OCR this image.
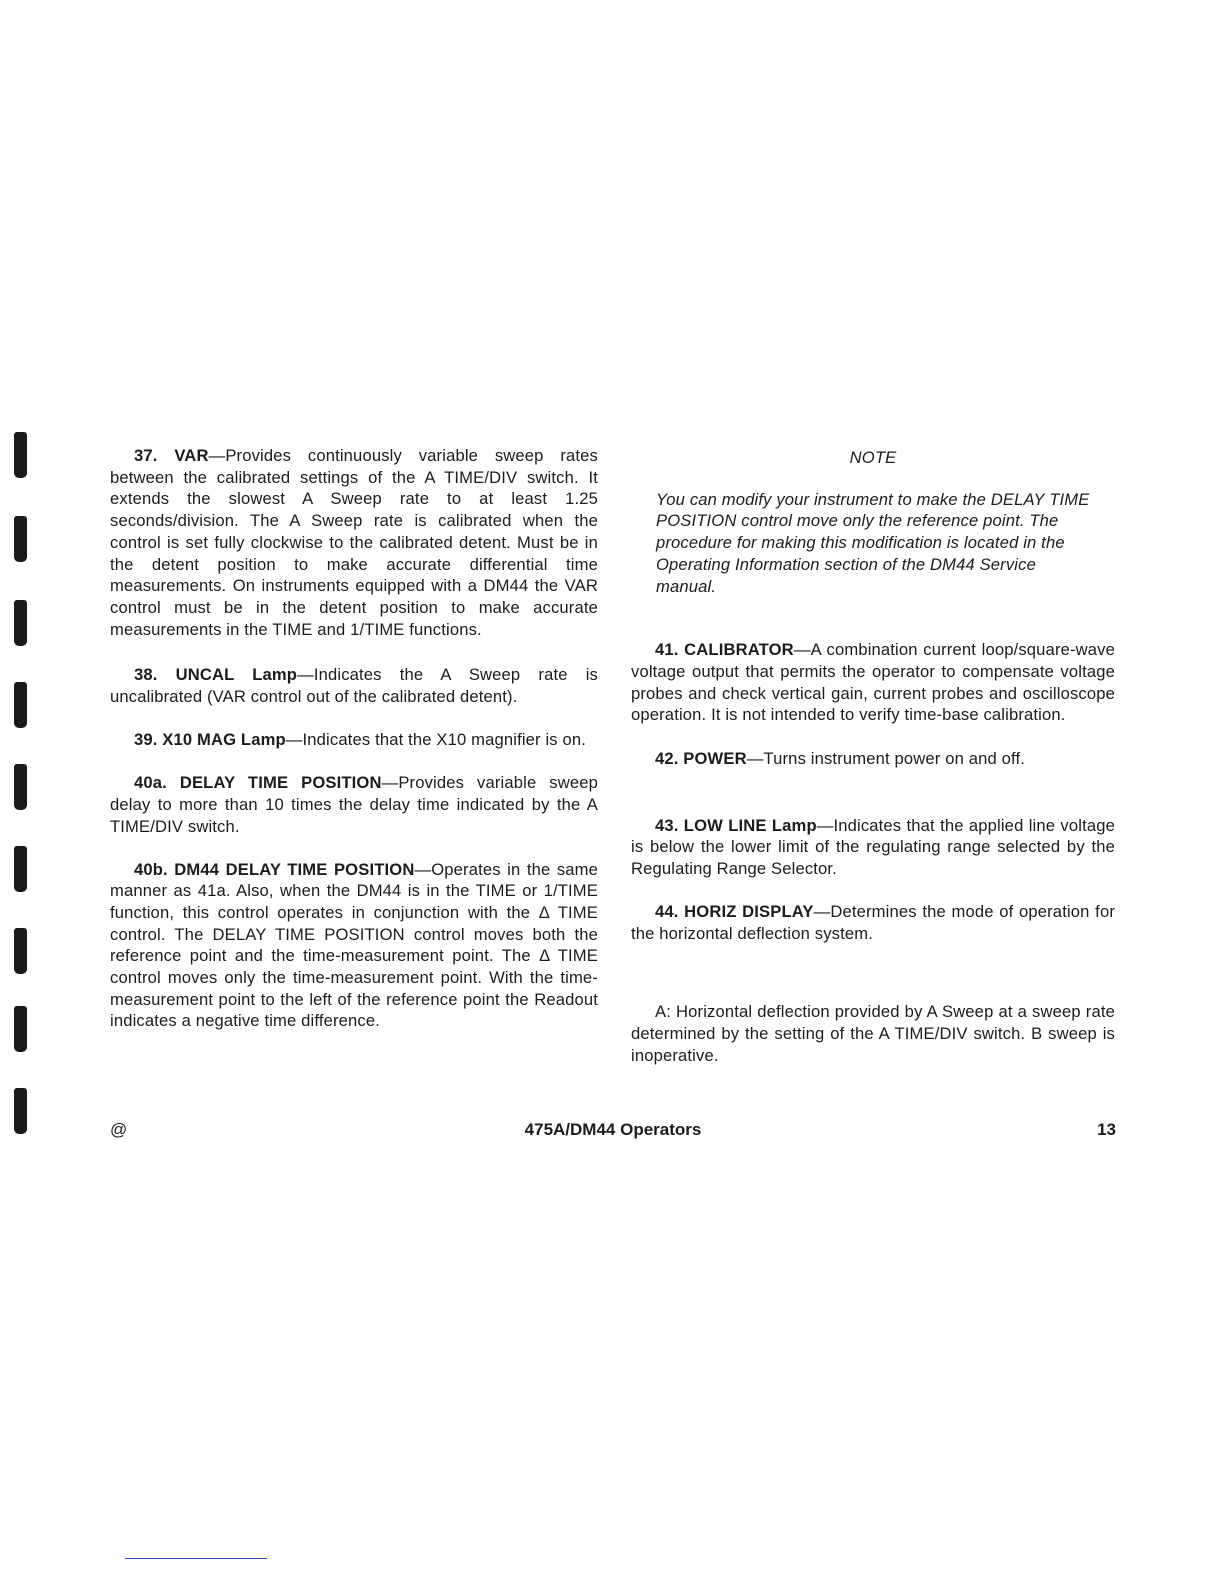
37. VAR—Provides continuously variable sweep rates between the calibrated settings of the A TIME/DIV switch. It extends the slowest A Sweep rate to at least 1.25 seconds/division. The A Sweep rate is calibrated when the control is set fully clockwise to the calibrated detent. Must be in the detent position to make accurate differential time measurements. On instruments equipped with a DM44 the VAR control must be in the detent position to make accurate measurements in the TIME and 1/TIME functions.

38. UNCAL Lamp—Indicates the A Sweep rate is uncalibrated (VAR control out of the calibrated detent).

39. X10 MAG Lamp—Indicates that the X10 magnifier is on.

40a. DELAY TIME POSITION—Provides variable sweep delay to more than 10 times the delay time indicated by the A TIME/DIV switch.

40b. DM44 DELAY TIME POSITION—Operates in the same manner as 41a. Also, when the DM44 is in the TIME or 1/TIME function, this control operates in conjunction with the Δ TIME control. The DELAY TIME POSITION control moves both the reference point and the time-measurement point. The Δ TIME control moves only the time-measurement point. With the time-measurement point to the left of the reference point the Readout indicates a negative time difference.

NOTE

You can modify your instrument to make the DELAY TIME POSITION control move only the reference point. The procedure for making this modification is located in the Operating Information section of the DM44 Service manual.

41. CALIBRATOR—A combination current loop/square-wave voltage output that permits the operator to compensate voltage probes and check vertical gain, current probes and oscilloscope operation. It is not intended to verify time-base calibration.

42. POWER—Turns instrument power on and off.

43. LOW LINE Lamp—Indicates that the applied line voltage is below the lower limit of the regulating range selected by the Regulating Range Selector.

44. HORIZ DISPLAY—Determines the mode of operation for the horizontal deflection system.

A: Horizontal deflection provided by A Sweep at a sweep rate determined by the setting of the A TIME/DIV switch. B sweep is inoperative.

@	475A/DM44 Operators	13
